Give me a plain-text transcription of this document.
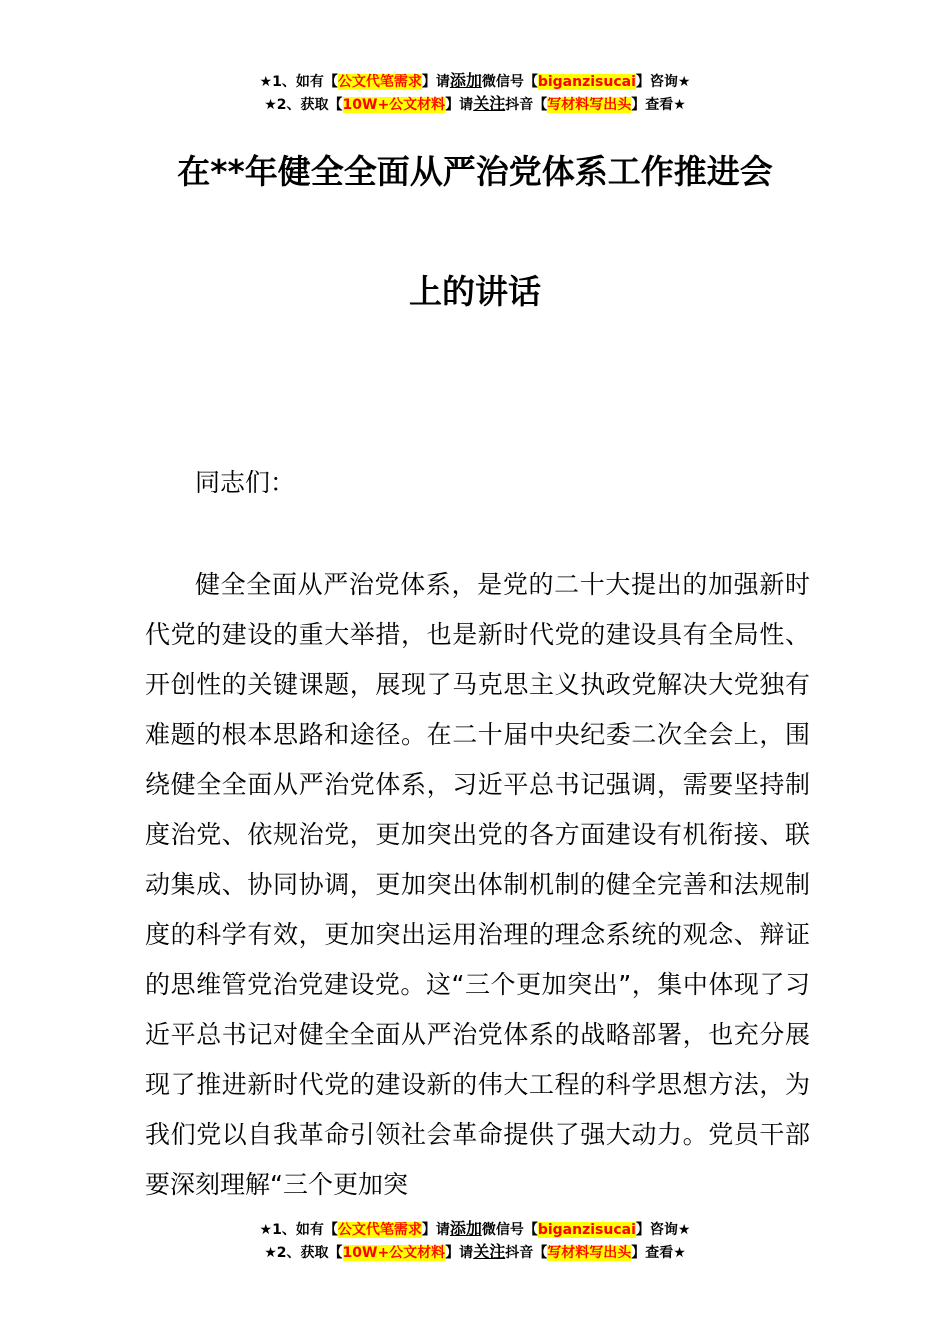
★1、如有【公文代笔需求】请添加微信号【biganzisucai】咨询★
★2、获取【10W+公文材料】请关注抖音【写材料写出头】查看★
在**年健全全面从严治党体系工作推进会
上的讲话
同志们：

健全全面从严治党体系，是党的二十大提出的加强新时代党的建设的重大举措，也是新时代党的建设具有全局性、开创性的关键课题，展现了马克思主义执政党解决大党独有难题的根本思路和途径。在二十届中央纪委二次全会上，围绕健全全面从严治党体系，习近平总书记强调，需要坚持制度治党、依规治党，更加突出党的各方面建设有机衔接、联动集成、协同协调，更加突出体制机制的健全完善和法规制度的科学有效，更加突出运用治理的理念系统的观念、辩证的思维管党治党建设党。这“三个更加突出”，集中体现了习近平总书记对健全全面从严治党体系的战略部署，也充分展现了推进新时代党的建设新的伟大工程的科学思想方法，为我们党以自我革命引领社会革命提供了强大动力。党员干部要深刻理解“三个更加突

★1、如有【公文代笔需求】请添加微信号【biganzisucai】咨询★
★2、获取【10W+公文材料】请关注抖音【写材料写出头】查看★
